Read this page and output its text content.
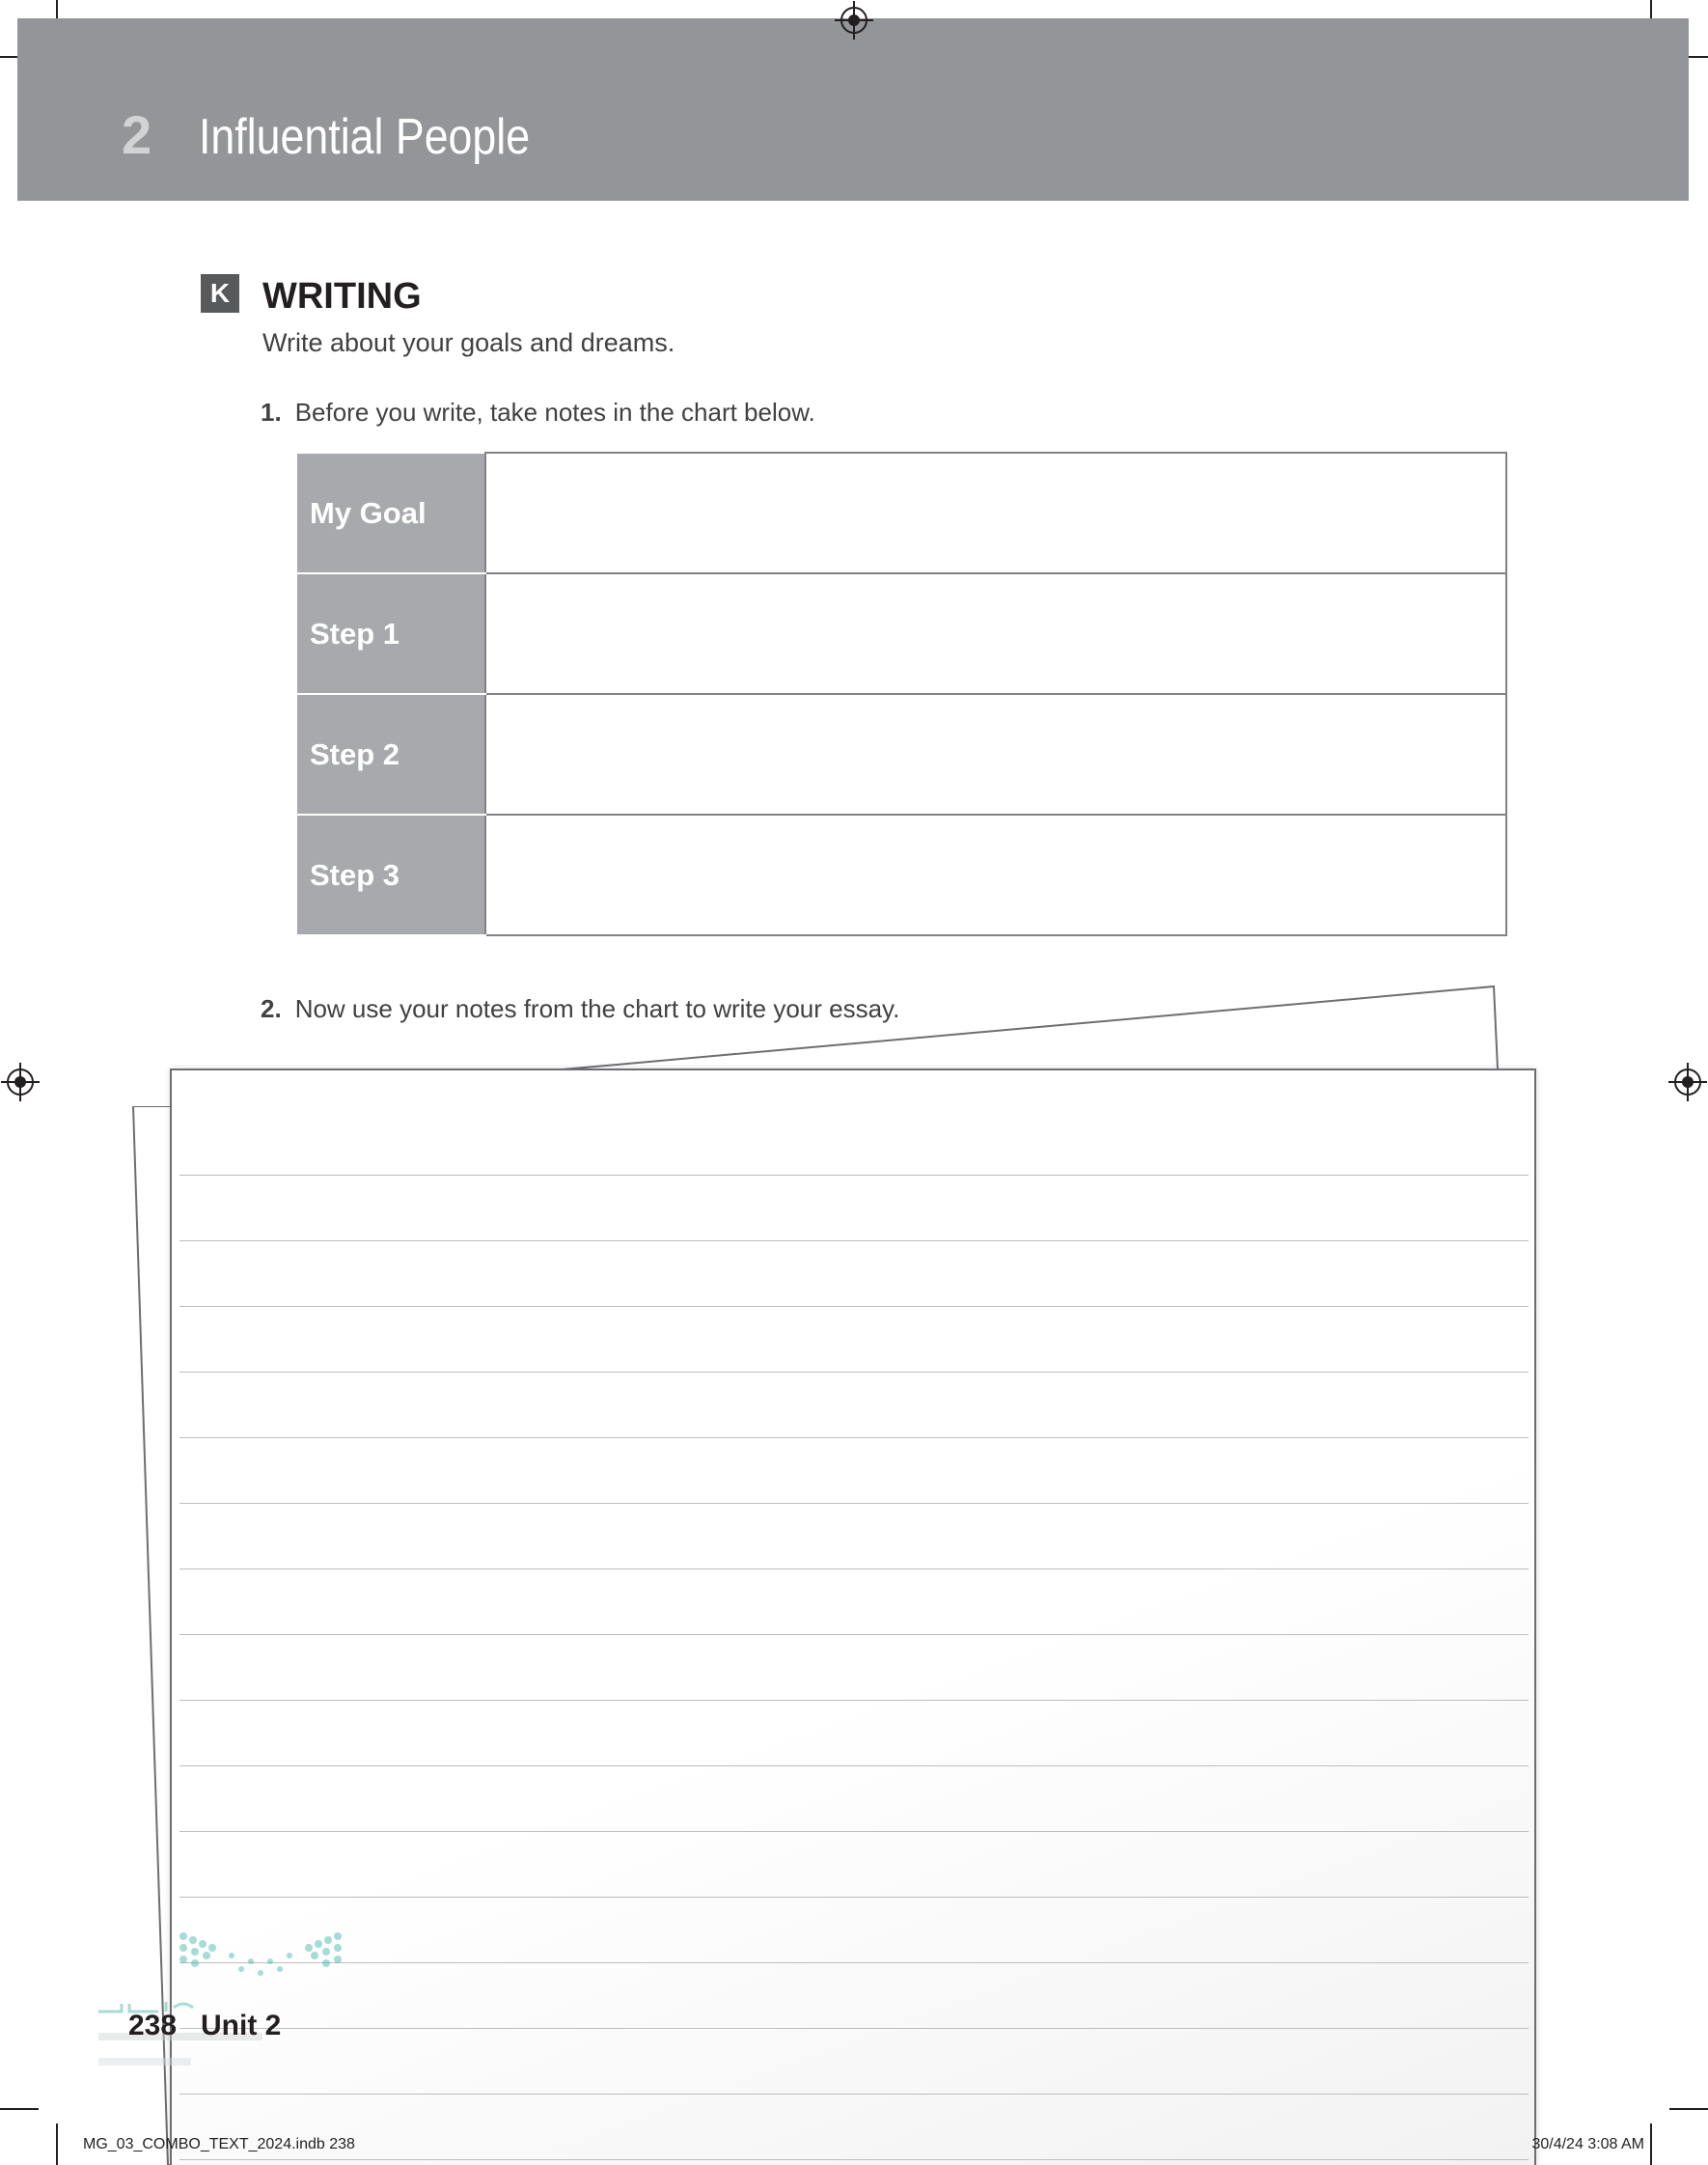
2 Influential People
K WRITING
Write about your goals and dreams.
1. Before you write, take notes in the chart below.
My Goal	
Step 1	
Step 2	
Step 3	
2. Now use your notes from the chart to write your essay.
238 Unit 2
MG_03_COMBO_TEXT_2024.indb 238	30/4/24 3:08 AM
